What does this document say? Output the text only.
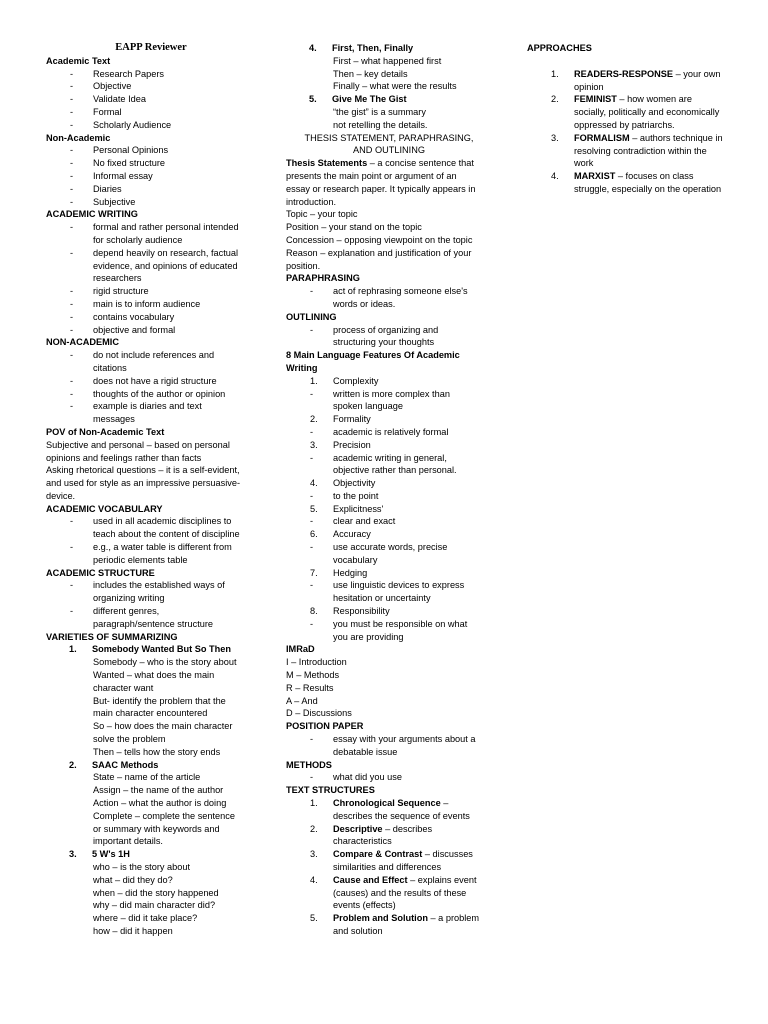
EAPP Reviewer
Academic Text
- Research Papers
- Objective
- Validate Idea
- Formal
- Scholarly Audience
Non-Academic
- Personal Opinions
- No fixed structure
- Informal essay
- Diaries
- Subjective
ACADEMIC WRITING
- formal and rather personal intended for scholarly audience
- depend heavily on research, factual evidence, and opinions of educated researchers
- rigid structure
- main is to inform audience
- contains vocabulary
- objective and formal
NON-ACADEMIC
- do not include references and citations
- does not have a rigid structure
- thoughts of the author or opinion
- example is diaries and text messages
POV of Non-Academic Text
Subjective and personal – based on personal opinions and feelings rather than facts
Asking rhetorical questions – it is a self-evident, and used for style as an impressive persuasive-device.
ACADEMIC VOCABULARY
- used in all academic disciplines to teach about the content of discipline
- e.g., a water table is different from periodic elements table
ACADEMIC STRUCTURE
- includes the established ways of organizing writing
- different genres, paragraph/sentence structure
VARIETIES OF SUMMARIZING
1. Somebody Wanted But So Then
Somebody – who is the story about
Wanted – what does the main character want
But- identify the problem that the main character encountered
So – how does the main character solve the problem
Then – tells how the story ends
2. SAAC Methods
State – name of the article
Assign – the name of the author
Action – what the author is doing
Complete – complete the sentence or summary with keywords and important details.
3. 5 W's 1H
who – is the story about
what – did they do?
when – did the story happened
why – did main character did?
where – did it take place?
how – did it happen
4. First, Then, Finally
First – what happened first
Then – key details
Finally – what were the results
5. Give Me The Gist
“the gist” is a summary not retelling the details.
THESIS STATEMENT, PARAPHRASING, AND OUTLINING
Thesis Statements – a concise sentence that presents the main point or argument of an essay or research paper. It typically appears in introduction.
Topic – your topic
Position – your stand on the topic
Concession – opposing viewpoint on the topic
Reason – explanation and justification of your position.
PARAPHRASING
- act of rephrasing someone else's words or ideas.
OUTLINING
- process of organizing and structuring your thoughts
8 Main Language Features Of Academic Writing
1. Complexity
- written is more complex than spoken language
2. Formality
- academic is relatively formal
3. Precision
- academic writing in general, objective rather than personal.
4. Objectivity
- to the point
5. Explicitness'
- clear and exact
6. Accuracy
- use accurate words, precise vocabulary
7. Hedging
- use linguistic devices to express hesitation or uncertainty
8. Responsibility
- you must be responsible on what you are providing
IMRaD
I – Introduction
M – Methods
R – Results
A – And
D – Discussions
POSITION PAPER
- essay with your arguments about a debatable issue
METHODS
- what did you use
TEXT STRUCTURES
1. Chronological Sequence – describes the sequence of events
2. Descriptive – describes characteristics
3. Compare & Contrast – discusses similarities and differences
4. Cause and Effect – explains event (causes) and the results of these events (effects)
5. Problem and Solution – a problem and solution
APPROACHES
1. READERS-RESPONSE – your own opinion
2. FEMINIST – how women are socially, politically and economically oppressed by patriarchs.
3. FORMALISM – authors technique in resolving contradiction within the work
4. MARXIST – focuses on class struggle, especially on the operation
